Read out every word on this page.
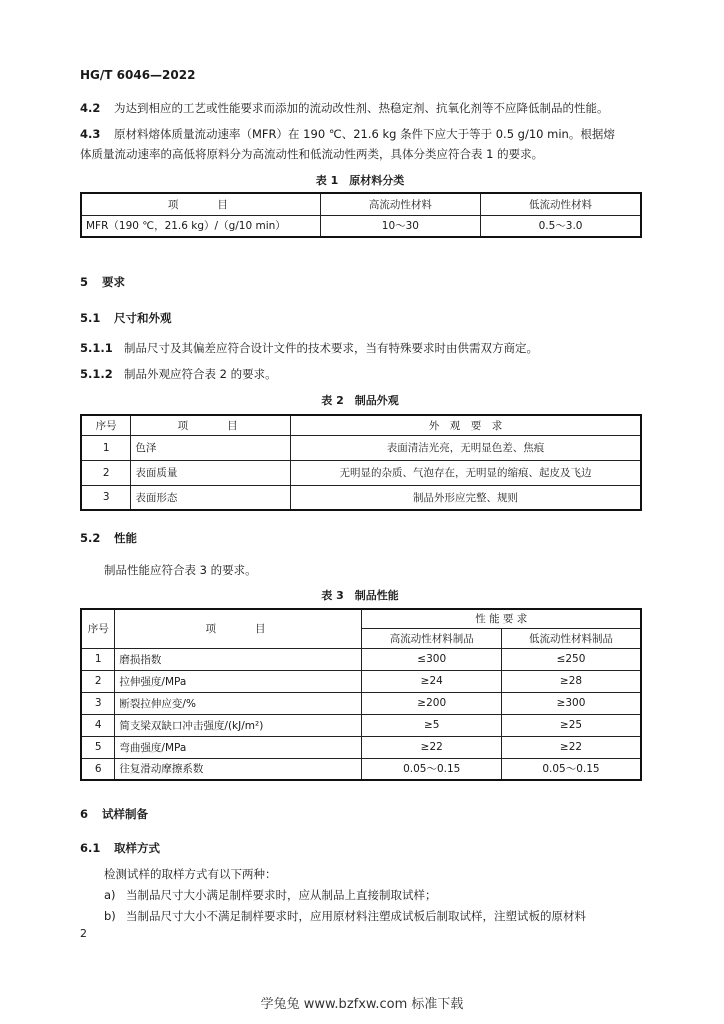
HG/T 6046—2022
4.2 为达到相应的工艺或性能要求而添加的流动改性剂、热稳定剂、抗氧化剂等不应降低制品的性能。
4.3 原材料熔体质量流动速率（MFR）在 190 ℃、21.6 kg 条件下应大于等于 0.5 g/10 min。根据熔
体质量流动速率的高低将原料分为高流动性和低流动性两类，具体分类应符合表 1 的要求。
表 1　原材料分类
项　　目	高流动性材料	低流动性材料
MFR（190 ℃，21.6 kg）/（g/10 min）	10～30	0.5～3.0
5 要求
5.1 尺寸和外观
5.1.1 制品尺寸及其偏差应符合设计文件的技术要求，当有特殊要求时由供需双方商定。
5.1.2 制品外观应符合表 2 的要求。
表 2　制品外观
序号	项　　目	外　观　要　求
1	色泽	表面清洁光亮，无明显色差、焦痕
2	表面质量	无明显的杂质、气泡存在，无明显的缩痕、起皮及飞边
3	表面形态	制品外形应完整、规则
5.2 性能
制品性能应符合表 3 的要求。
表 3　制品性能
序号	项　　目	性 能 要 求	
		高流动性材料制品	低流动性材料制品
1	磨损指数	≤300	≤250
2	拉伸强度/MPa	≥24	≥28
3	断裂拉伸应变/%	≥200	≥300
4	简支梁双缺口冲击强度/(kJ/m²)	≥5	≥25
5	弯曲强度/MPa	≥22	≥22
6	往复滑动摩擦系数	0.05～0.15	0.05～0.15
6 试样制备
6.1 取样方式
检测试样的取样方式有以下两种：
a) 当制品尺寸大小满足制样要求时，应从制品上直接制取试样；
b) 当制品尺寸大小不满足制样要求时，应用原材料注塑成试板后制取试样，注塑试板的原材料
2
学兔兔 www.bzfxw.com 标准下载
